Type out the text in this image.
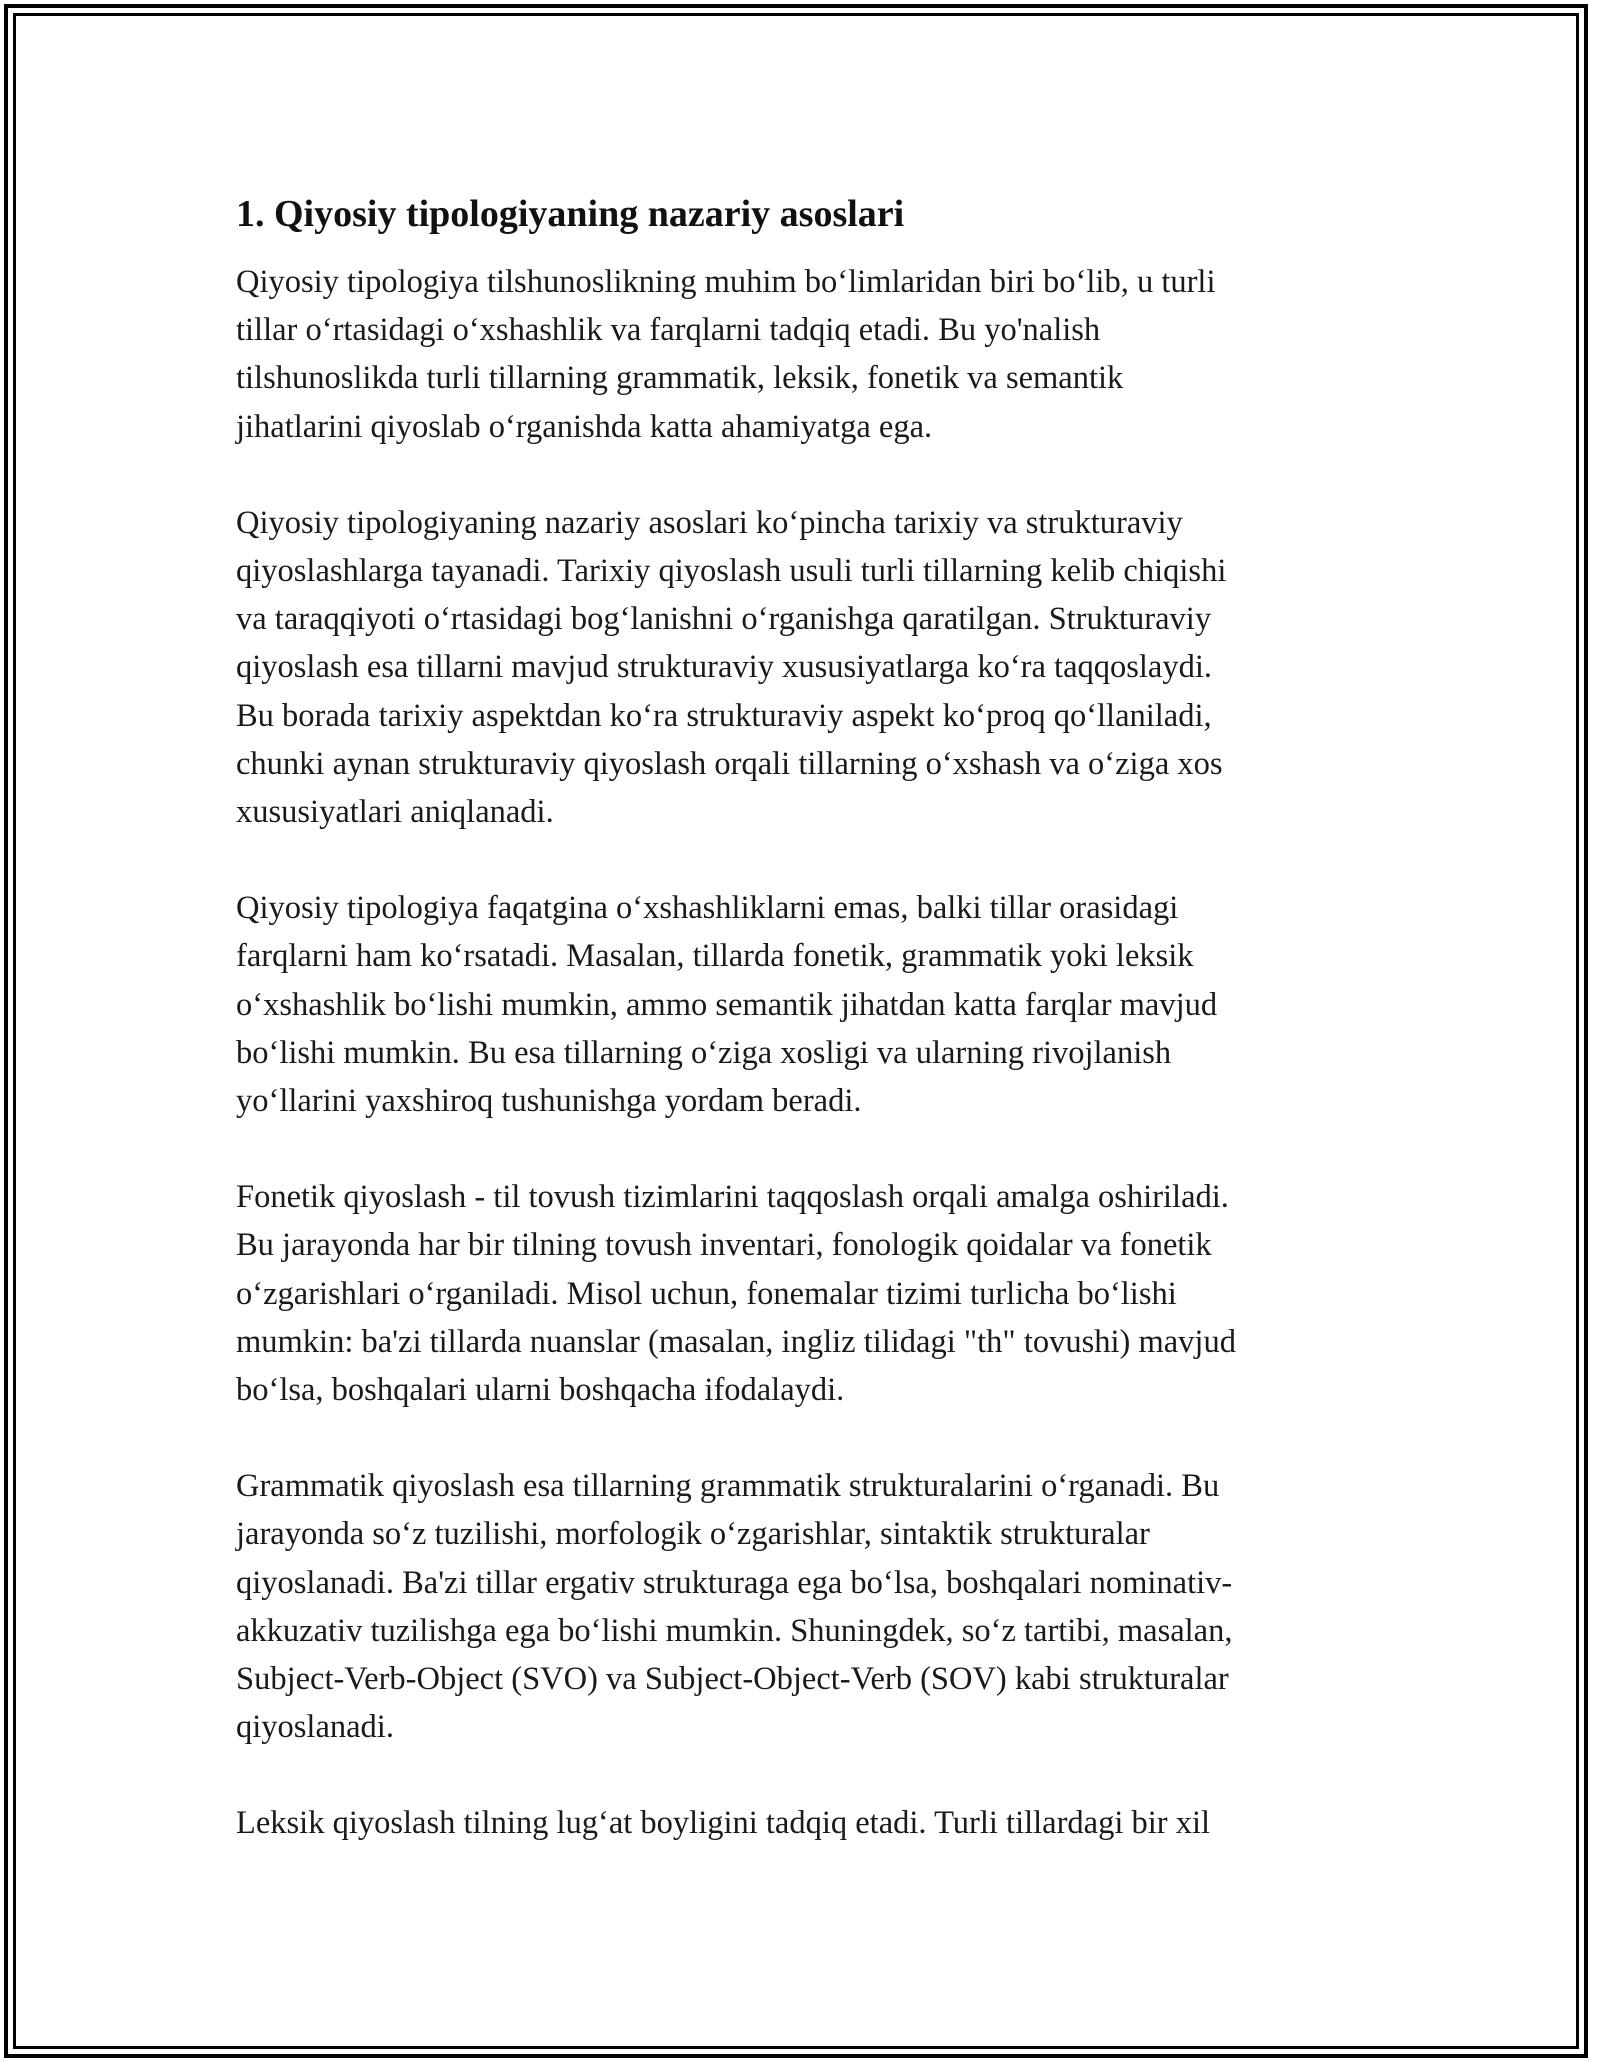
1. Qiyosiy tipologiyaning nazariy asoslari

Qiyosiy tipologiya tilshunoslikning muhim boʻlimlaridan biri boʻlib, u turli
tillar oʻrtasidagi oʻxshashlik va farqlarni tadqiq etadi. Bu yo'nalish
tilshunoslikda turli tillarning grammatik, leksik, fonetik va semantik
jihatlarini qiyoslab oʻrganishda katta ahamiyatga ega.

Qiyosiy tipologiyaning nazariy asoslari koʻpincha tarixiy va strukturaviy
qiyoslashlarga tayanadi. Tarixiy qiyoslash usuli turli tillarning kelib chiqishi
va taraqqiyoti oʻrtasidagi bogʻlanishni oʻrganishga qaratilgan. Strukturaviy
qiyoslash esa tillarni mavjud strukturaviy xususiyatlarga koʻra taqqoslaydi.
Bu borada tarixiy aspektdan koʻra strukturaviy aspekt koʻproq qoʻllaniladi,
chunki aynan strukturaviy qiyoslash orqali tillarning oʻxshash va oʻziga xos
xususiyatlari aniqlanadi.

Qiyosiy tipologiya faqatgina oʻxshashliklarni emas, balki tillar orasidagi
farqlarni ham koʻrsatadi. Masalan, tillarda fonetik, grammatik yoki leksik
oʻxshashlik boʻlishi mumkin, ammo semantik jihatdan katta farqlar mavjud
boʻlishi mumkin. Bu esa tillarning oʻziga xosligi va ularning rivojlanish
yoʻllarini yaxshiroq tushunishga yordam beradi.

Fonetik qiyoslash - til tovush tizimlarini taqqoslash orqali amalga oshiriladi.
Bu jarayonda har bir tilning tovush inventari, fonologik qoidalar va fonetik
oʻzgarishlari oʻrganiladi. Misol uchun, fonemalar tizimi turlicha boʻlishi
mumkin: ba'zi tillarda nuanslar (masalan, ingliz tilidagi "th" tovushi) mavjud
boʻlsa, boshqalari ularni boshqacha ifodalaydi.

Grammatik qiyoslash esa tillarning grammatik strukturalarini oʻrganadi. Bu
jarayonda soʻz tuzilishi, morfologik oʻzgarishlar, sintaktik strukturalar
qiyoslanadi. Ba'zi tillar ergativ strukturaga ega boʻlsa, boshqalari nominativ-
akkuzativ tuzilishga ega boʻlishi mumkin. Shuningdek, soʻz tartibi, masalan,
Subject-Verb-Object (SVO) va Subject-Object-Verb (SOV) kabi strukturalar
qiyoslanadi.

Leksik qiyoslash tilning lugʻat boyligini tadqiq etadi. Turli tillardagi bir xil
